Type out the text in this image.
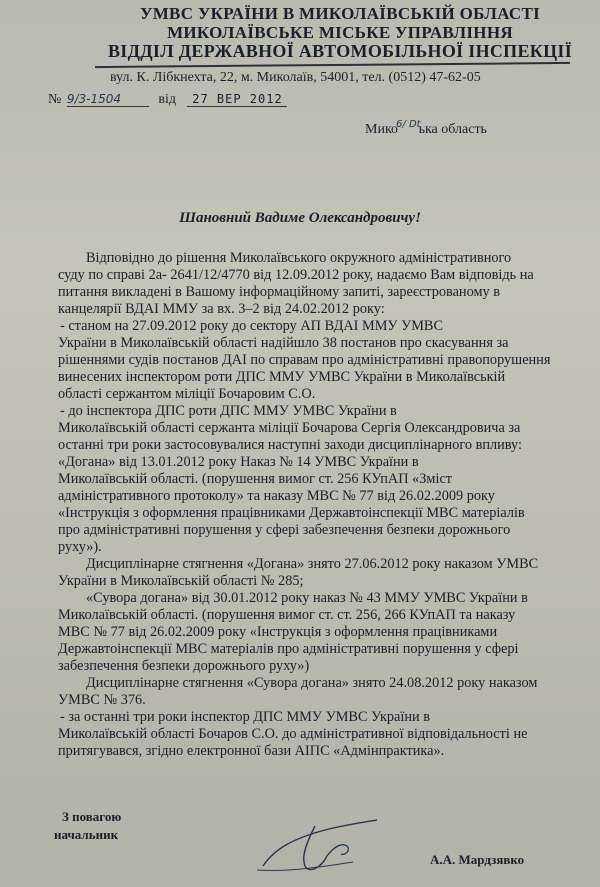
УМВС УКРАЇНИ В МИКОЛАЇВСЬКІЙ ОБЛАСТІ
МИКОЛАЇВСЬКЕ МІСЬКЕ УПРАВЛІННЯ
ВІДДІЛ ДЕРЖАВНОЇ АВТОМОБІЛЬНОЇ ІНСПЕКЦІЇ
вул. К. Лібкнехта, 22, м. Миколаїв, 54001, тел. (0512) 47-62-05
№ 9/3-1504	від 27 ВЕР 2012
Мико$^{6/ Dt}$ька область
Шановний Вадиме Олександровичу!
Відповідно до рішення Миколаївського окружного адміністративного
суду по справі 2а- 2641/12/4770 від 12.09.2012 року, надаємо Вам відповідь на
питання викладені в Вашому інформаційному запиті, зареєстрованому в
канцелярії ВДАІ ММУ за вх. 3–2 від 24.02.2012 року:
- станом на 27.09.2012 року до сектору АП ВДАІ ММУ УМВС
України в Миколаївській області надійшло 38 постанов про скасування за
рішеннями судів постанов ДАІ по справам про адміністративні правопорушення
винесених інспектором роти ДПС ММУ УМВС України в Миколаївській
області сержантом міліції Бочаровим С.О.
- до інспектора ДПС роти ДПС ММУ УМВС України в
Миколаївській області сержанта міліції Бочарова Сергія Олександровича за
останні три роки застосовувалися наступні заходи дисциплінарного впливу:
«Догана» від 13.01.2012 року Наказ № 14 УМВС України в
Миколаївській області. (порушення вимог ст. 256 КУпАП «Зміст
адміністративного протоколу» та наказу МВС № 77 від 26.02.2009 року
«Інструкція з оформлення працівниками Державтоінспекції МВС матеріалів
про адміністративні порушення у сфері забезпечення безпеки дорожнього
руху»).
Дисциплінарне стягнення «Догана» знято 27.06.2012 року наказом УМВС
України в Миколаївській області № 285;
«Сувора догана» від 30.01.2012 року наказ № 43 ММУ УМВС України в
Миколаївській області. (порушення вимог ст. ст. 256, 266 КУпАП та наказу
МВС № 77 від 26.02.2009 року «Інструкція з оформлення працівниками
Державтоінспекції МВС матеріалів про адміністративні порушення у сфері
забезпечення безпеки дорожнього руху»)
Дисциплінарне стягнення «Сувора догана» знято 24.08.2012 року наказом
УМВС № 376.
- за останні три роки інспектор ДПС ММУ УМВС України в
Миколаївській області Бочаров С.О. до адміністративної відповідальності не
притягувався, згідно електронної бази АІПС «Адмінпрактика».
З повагою
начальник
А.А. Мардзявко
